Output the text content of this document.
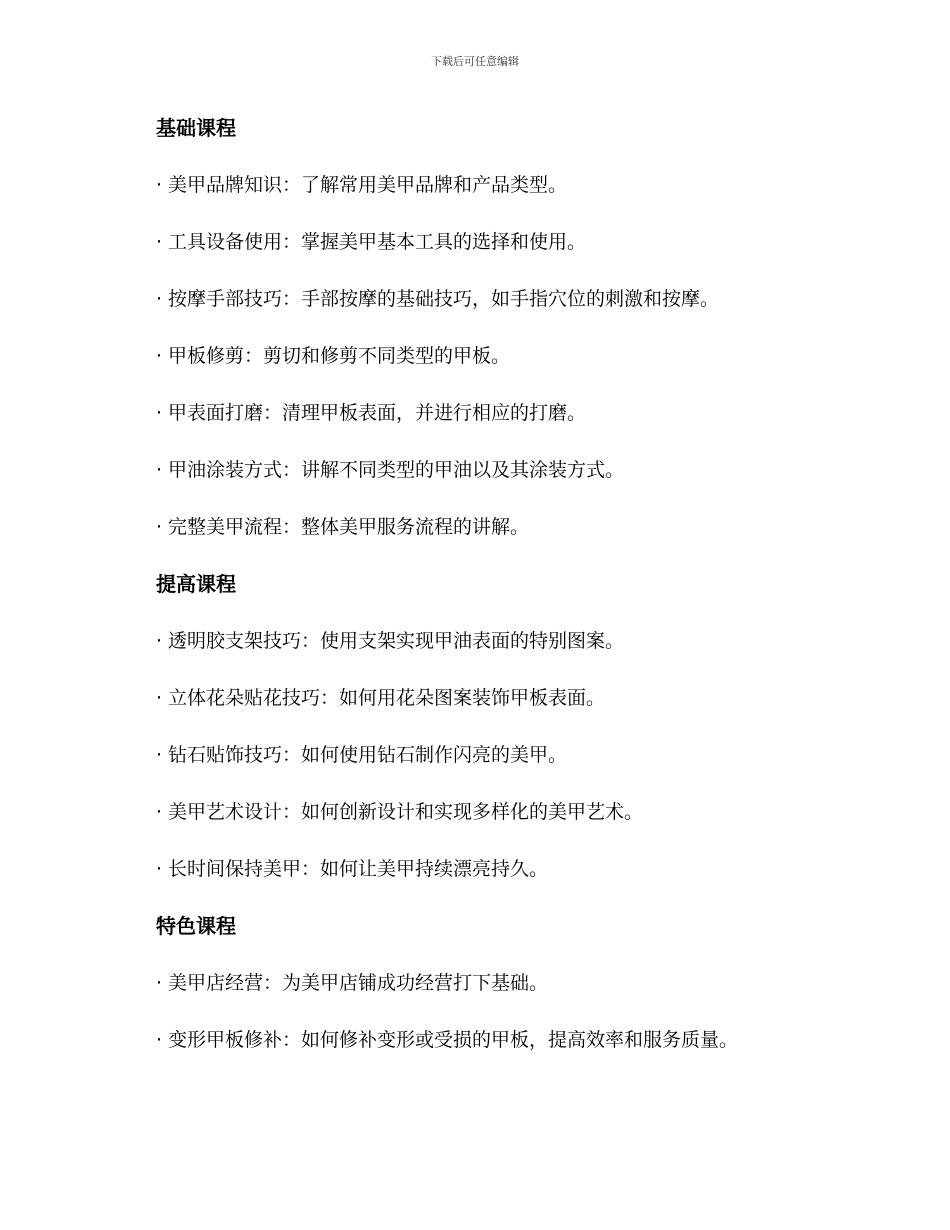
下载后可任意编辑
基础课程

· 美甲品牌知识：了解常用美甲品牌和产品类型。

· 工具设备使用：掌握美甲基本工具的选择和使用。

· 按摩手部技巧：手部按摩的基础技巧，如手指穴位的刺激和按摩。

· 甲板修剪：剪切和修剪不同类型的甲板。

· 甲表面打磨：清理甲板表面，并进行相应的打磨。

· 甲油涂装方式：讲解不同类型的甲油以及其涂装方式。

· 完整美甲流程：整体美甲服务流程的讲解。

提高课程

· 透明胶支架技巧：使用支架实现甲油表面的特别图案。

· 立体花朵贴花技巧：如何用花朵图案装饰甲板表面。

· 钻石贴饰技巧：如何使用钻石制作闪亮的美甲。

· 美甲艺术设计：如何创新设计和实现多样化的美甲艺术。

· 长时间保持美甲：如何让美甲持续漂亮持久。

特色课程

· 美甲店经营：为美甲店铺成功经营打下基础。

· 变形甲板修补：如何修补变形或受损的甲板，提高效率和服务质量。
